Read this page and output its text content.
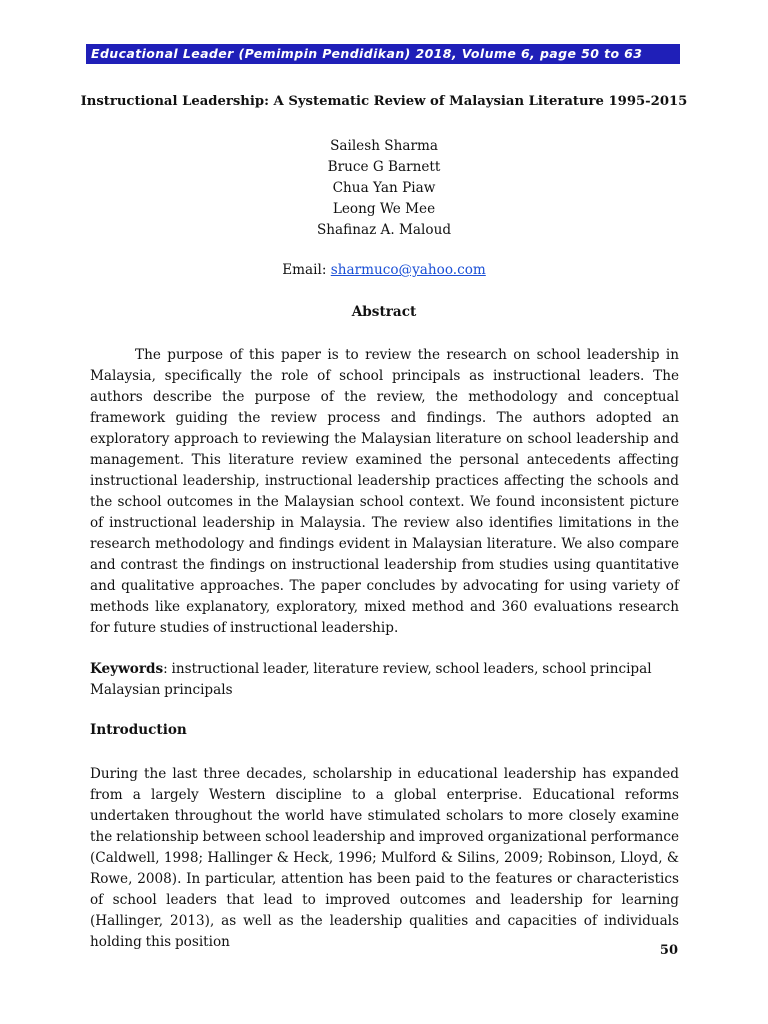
Educational Leader (Pemimpin Pendidikan) 2018, Volume 6, page 50 to 63
Instructional Leadership: A Systematic Review of Malaysian Literature 1995-2015
Sailesh Sharma
Bruce G Barnett
Chua Yan Piaw
Leong We Mee
Shafinaz A. Maloud
Email: sharmuco@yahoo.com
Abstract
The purpose of this paper is to review the research on school leadership in Malaysia, specifically the role of school principals as instructional leaders. The authors describe the purpose of the review, the methodology and conceptual framework guiding the review process and findings. The authors adopted an exploratory approach to reviewing the Malaysian literature on school leadership and management. This literature review examined the personal antecedents affecting instructional leadership, instructional leadership practices affecting the schools and the school outcomes in the Malaysian school context. We found inconsistent picture of instructional leadership in Malaysia. The review also identifies limitations in the research methodology and findings evident in Malaysian literature. We also compare and contrast the findings on instructional leadership from studies using quantitative and qualitative approaches. The paper concludes by advocating for using variety of methods like explanatory, exploratory, mixed method and 360 evaluations research for future studies of instructional leadership.
Keywords: instructional leader, literature review, school leaders, school principal Malaysian principals
Introduction
During the last three decades, scholarship in educational leadership has expanded from a largely Western discipline to a global enterprise. Educational reforms undertaken throughout the world have stimulated scholars to more closely examine the relationship between school leadership and improved organizational performance (Caldwell, 1998; Hallinger & Heck, 1996; Mulford & Silins, 2009; Robinson, Lloyd, & Rowe, 2008). In particular, attention has been paid to the features or characteristics of school leaders that lead to improved outcomes and leadership for learning (Hallinger, 2013), as well as the leadership qualities and capacities of individuals holding this position
50
